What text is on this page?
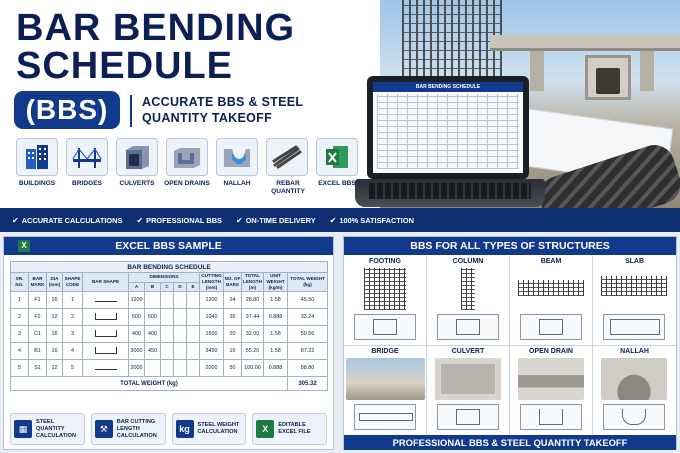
BAR BENDING SCHEDULE
BAR BENDING
SCHEDULE
(BBS)	ACCURATE BBS & STEEL QUANTITY TAKEOFF
BUILDINGS	BRIDGES	CULVERTS	OPEN DRAINS	NALLAH	REBAR QUANTITY
EXCEL BBS
✔ ACCURATE CALCULATIONS ✔ PROFESSIONAL BBS ✔ ON-TIME DELIVERY ✔ 100% SATISFACTION
EXCEL BBS SAMPLE
X
BAR BENDING SCHEDULE														
SR. NO.	BAR MARK	DIA (mm)	SHAPE CODE	BAR SHAPE	DIMENSIONS					CUTTING LENGTH (mm)	NO. OF BARS	TOTAL LENGTH (m)	UNIT WEIGHT (kg/m)	TOTAL WEIGHT (kg)
					A	B	C	D	E					
1	F1	16	1		1200					1200	24	28.80	1.58	45.50
2	F2	12	2		500	500				1040	36	37.44	0.888	33.24
3	C1	16	3		400	400				1600	20	32.00	1.58	50.56
4	B1	16	4		3000	450				3450	16	55.20	1.58	87.22
5	S1	12	5		2000					2000	50	100.00	0.888	88.80
TOTAL WEIGHT (kg)														305.32
▦
STEEL QUANTITY CALCULATION
⚒
BAR CUTTING LENGTH CALCULATION
kg	STEEL WEIGHT CALCULATION	X	EDITABLE EXCEL FILE
BBS FOR ALL TYPES OF STRUCTURES
FOOTING	COLUMN	BEAM	SLAB
BRIDGE	CULVERT	OPEN DRAIN	NALLAH
PROFESSIONAL BBS & STEEL QUANTITY TAKEOFF
